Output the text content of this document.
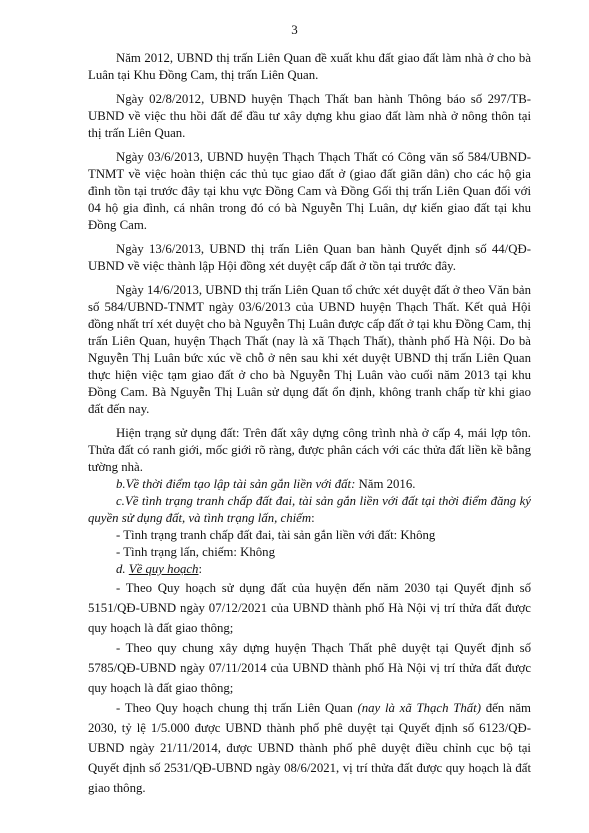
3

Năm 2012, UBND thị trấn Liên Quan đề xuất khu đất giao đất làm nhà ở cho bà Luân tại Khu Đồng Cam, thị trấn Liên Quan.

Ngày 02/8/2012, UBND huyện Thạch Thất ban hành Thông báo số 297/TB-UBND về việc thu hồi đất để đầu tư xây dựng khu giao đất làm nhà ở nông thôn tại thị trấn Liên Quan.

Ngày 03/6/2013, UBND huyện Thạch Thạch Thất có Công văn số 584/UBND-TNMT về việc hoàn thiện các thủ tục giao đất ở (giao đất giãn dân) cho các hộ gia đình tồn tại trước đây tại khu vực Đồng Cam và Đồng Gối thị trấn Liên Quan đối với 04 hộ gia đình, cá nhân trong đó có bà Nguyễn Thị Luân, dự kiến giao đất tại khu Đồng Cam.

Ngày 13/6/2013, UBND thị trấn Liên Quan ban hành Quyết định số 44/QĐ-UBND về việc thành lập Hội đồng xét duyệt cấp đất ở tồn tại trước đây.

Ngày 14/6/2013, UBND thị trấn Liên Quan tổ chức xét duyệt đất ở theo Văn bản số 584/UBND-TNMT ngày 03/6/2013 của UBND huyện Thạch Thất. Kết quả Hội đồng nhất trí xét duyệt cho bà Nguyễn Thị Luân được cấp đất ở tại khu Đồng Cam, thị trấn Liên Quan, huyện Thạch Thất (nay là xã Thạch Thất), thành phố Hà Nội. Do bà Nguyễn Thị Luân bức xúc về chỗ ở nên sau khi xét duyệt UBND thị trấn Liên Quan thực hiện việc tạm giao đất ở cho bà Nguyễn Thị Luân vào cuối năm 2013 tại khu Đồng Cam. Bà Nguyễn Thị Luân sử dụng đất ổn định, không tranh chấp từ khi giao đất đến nay.

Hiện trạng sử dụng đất: Trên đất xây dựng công trình nhà ở cấp 4, mái lợp tôn. Thửa đất có ranh giới, mốc giới rõ ràng, được phân cách với các thửa đất liền kề bằng tường nhà.

b.Về thời điểm tạo lập tài sản gắn liền với đất: Năm 2016.

c.Về tình trạng tranh chấp đất đai, tài sản gắn liền với đất tại thời điểm đăng ký quyền sử dụng đất, và tình trạng lấn, chiếm:

- Tình trạng tranh chấp đất đai, tài sản gắn liền với đất: Không

- Tình trạng lấn, chiếm: Không

d. Về quy hoạch:

- Theo Quy hoạch sử dụng đất của huyện đến năm 2030 tại Quyết định số 5151/QĐ-UBND ngày 07/12/2021 của UBND thành phố Hà Nội vị trí thửa đất được quy hoạch là đất giao thông;

- Theo quy chung xây dựng huyện Thạch Thất phê duyệt tại Quyết định số 5785/QĐ-UBND ngày 07/11/2014 của UBND thành phố Hà Nội vị trí thửa đất được quy hoạch là đất giao thông;

- Theo Quy hoạch chung thị trấn Liên Quan (nay là xã Thạch Thất) đến năm 2030, tỷ lệ 1/5.000 được UBND thành phố phê duyệt tại Quyết định số 6123/QĐ-UBND ngày 21/11/2014, được UBND thành phố phê duyệt điều chỉnh cục bộ tại Quyết định số 2531/QĐ-UBND ngày 08/6/2021, vị trí thửa đất được quy hoạch là đất giao thông.
